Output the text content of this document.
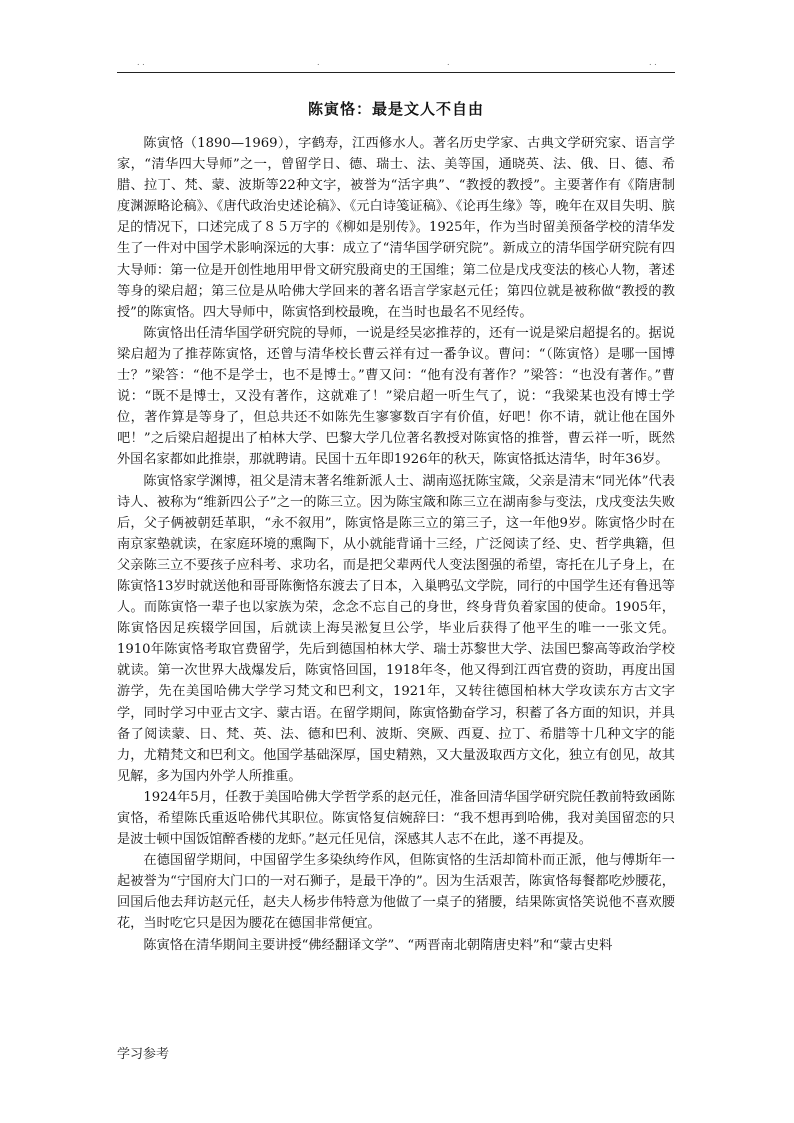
. .	.	.	. .
陈寅恪：最是文人不自由

陈寅恪（1890—1969），字鹤寿，江西修水人。著名历史学家、古典文学研究家、语言学家，“清华四大导师”之一，曾留学日、德、瑞士、法、美等国，通晓英、法、俄、日、德、希腊、拉丁、梵、蒙、波斯等22种文字，被誉为“活字典”、“教授的教授”。主要著作有《隋唐制度渊源略论稿》、《唐代政治史述论稿》、《元白诗笺证稿》、《论再生缘》等，晚年在双目失明、膑足的情况下，口述完成了８５万字的《柳如是别传》。1925年，作为当时留美预备学校的清华发生了一件对中国学术影响深远的大事：成立了“清华国学研究院”。新成立的清华国学研究院有四大导师：第一位是开创性地用甲骨文研究殷商史的王国维；第二位是戊戌变法的核心人物，著述等身的梁启超；第三位是从哈佛大学回来的著名语言学家赵元任；第四位就是被称做“教授的教授”的陈寅恪。四大导师中，陈寅恪到校最晚，在当时也最名不见经传。

陈寅恪出任清华国学研究院的导师，一说是经吴宓推荐的，还有一说是梁启超提名的。据说梁启超为了推荐陈寅恪，还曾与清华校长曹云祥有过一番争议。曹问：“（陈寅恪）是哪一国博士？”梁答：“他不是学士，也不是博士。”曹又问：“他有没有著作？”梁答：“也没有著作。”曹说：“既不是博士，又没有著作，这就难了！”梁启超一听生气了，说：“我梁某也没有博士学位，著作算是等身了，但总共还不如陈先生寥寥数百字有价值，好吧！你不请，就让他在国外吧！”之后梁启超提出了柏林大学、巴黎大学几位著名教授对陈寅恪的推誉，曹云祥一听，既然外国名家都如此推崇，那就聘请。民国十五年即1926年的秋天，陈寅恪抵达清华，时年36岁。

陈寅恪家学渊博，祖父是清末著名维新派人士、湖南巡抚陈宝箴，父亲是清末“同光体”代表诗人、被称为“维新四公子”之一的陈三立。因为陈宝箴和陈三立在湖南参与变法，戊戌变法失败后，父子俩被朝廷革职，“永不叙用”，陈寅恪是陈三立的第三子，这一年他9岁。陈寅恪少时在南京家塾就读，在家庭环境的熏陶下，从小就能背诵十三经，广泛阅读了经、史、哲学典籍，但父亲陈三立不要孩子应科考、求功名，而是把父辈两代人变法图强的希望，寄托在儿子身上，在陈寅恪13岁时就送他和哥哥陈衡恪东渡去了日本，入巢鸭弘文学院，同行的中国学生还有鲁迅等人。而陈寅恪一辈子也以家族为荣，念念不忘自己的身世，终身背负着家国的使命。1905年，陈寅恪因足疾辍学回国，后就读上海吴淞复旦公学，毕业后获得了他平生的唯一一张文凭。1910年陈寅恪考取官费留学，先后到德国柏林大学、瑞士苏黎世大学、法国巴黎高等政治学校就读。第一次世界大战爆发后，陈寅恪回国，1918年冬，他又得到江西官费的资助，再度出国游学，先在美国哈佛大学学习梵文和巴利文，1921年，又转往德国柏林大学攻读东方古文字学，同时学习中亚古文字、蒙古语。在留学期间，陈寅恪勤奋学习，积蓄了各方面的知识，并具备了阅读蒙、日、梵、英、法、德和巴利、波斯、突厥、西夏、拉丁、希腊等十几种文字的能力，尤精梵文和巴利文。他国学基础深厚，国史精熟，又大量汲取西方文化，独立有创见，故其见解，多为国内外学人所推重。

1924年5月，任教于美国哈佛大学哲学系的赵元任，准备回清华国学研究院任教前特致函陈寅恪，希望陈氏重返哈佛代其职位。陈寅恪复信婉辞曰：“我不想再到哈佛，我对美国留恋的只是波士顿中国饭馆醉香楼的龙虾。”赵元任见信，深感其人志不在此，遂不再提及。

在德国留学期间，中国留学生多染纨绔作风，但陈寅恪的生活却简朴而正派，他与傅斯年一起被誉为“宁国府大门口的一对石狮子，是最干净的”。因为生活艰苦，陈寅恪每餐都吃炒腰花，回国后他去拜访赵元任，赵夫人杨步伟特意为他做了一桌子的猪腰，结果陈寅恪笑说他不喜欢腰花，当时吃它只是因为腰花在德国非常便宜。

陈寅恪在清华期间主要讲授“佛经翻译文学”、“两晋南北朝隋唐史料”和“蒙古史料

学习参考
